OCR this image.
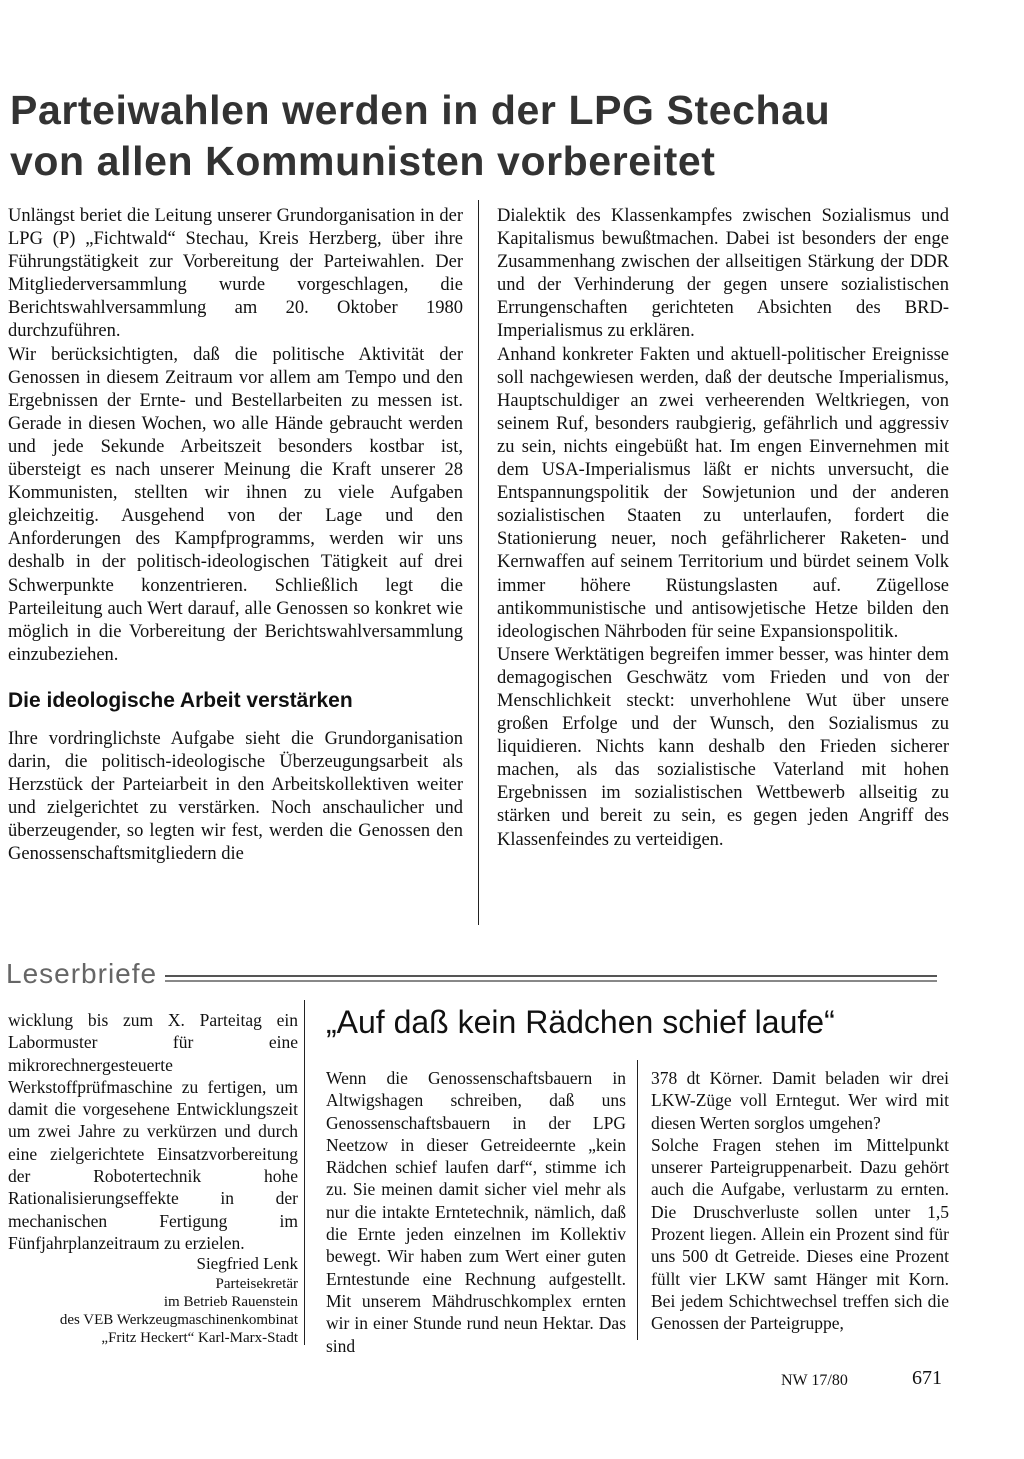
Parteiwahlen werden in der LPG Stechau
von allen Kommunisten vorbereitet

Unlängst beriet die Leitung unserer Grundorganisation in der LPG (P) „Fichtwald“ Stechau, Kreis Herzberg, über ihre Führungstätigkeit zur Vorbereitung der Parteiwahlen. Der Mitgliederversammlung wurde vorgeschlagen, die Berichtswahlversammlung am 20. Oktober 1980 durchzuführen.

Wir berücksichtigten, daß die politische Aktivität der Genossen in diesem Zeitraum vor allem am Tempo und den Ergebnissen der Ernte- und Bestellarbeiten zu messen ist. Gerade in diesen Wochen, wo alle Hände gebraucht werden und jede Sekunde Arbeitszeit besonders kostbar ist, übersteigt es nach unserer Meinung die Kraft unserer 28 Kommunisten, stellten wir ihnen zu viele Aufgaben gleichzeitig. Ausgehend von der Lage und den Anforderungen des Kampfprogramms, werden wir uns deshalb in der politisch-ideologischen Tätigkeit auf drei Schwerpunkte konzentrieren. Schließlich legt die Parteileitung auch Wert darauf, alle Genossen so konkret wie möglich in die Vorbereitung der Berichtswahlversammlung einzubeziehen.

Die ideologische Arbeit verstärken

Ihre vordringlichste Aufgabe sieht die Grundorganisation darin, die politisch-ideologische Überzeugungsarbeit als Herzstück der Parteiarbeit in den Arbeitskollektiven weiter und zielgerichtet zu verstärken. Noch anschaulicher und überzeugender, so legten wir fest, werden die Genossen den Genossenschaftsmitgliedern die

Dialektik des Klassenkampfes zwischen Sozialismus und Kapitalismus bewußtmachen. Dabei ist besonders der enge Zusammenhang zwischen der allseitigen Stärkung der DDR und der Verhinderung der gegen unsere sozialistischen Errungenschaften gerichteten Absichten des BRD-Imperialismus zu erklären.

Anhand konkreter Fakten und aktuell-politischer Ereignisse soll nachgewiesen werden, daß der deutsche Imperialismus, Hauptschuldiger an zwei verheerenden Weltkriegen, von seinem Ruf, besonders raubgierig, gefährlich und aggressiv zu sein, nichts eingebüßt hat. Im engen Einvernehmen mit dem USA-Imperialismus läßt er nichts unversucht, die Entspannungspolitik der Sowjetunion und der anderen sozialistischen Staaten zu unterlaufen, fordert die Stationierung neuer, noch gefährlicherer Raketen- und Kernwaffen auf seinem Territorium und bürdet seinem Volk immer höhere Rüstungslasten auf. Zügellose antikommunistische und antisowjetische Hetze bilden den ideologischen Nährboden für seine Expansionspolitik.

Unsere Werktätigen begreifen immer besser, was hinter dem demagogischen Geschwätz vom Frieden und von der Menschlichkeit steckt: unverhohlene Wut über unsere großen Erfolge und der Wunsch, den Sozialismus zu liquidieren. Nichts kann deshalb den Frieden sicherer machen, als das sozialistische Vaterland mit hohen Ergebnissen im sozialistischen Wettbewerb allseitig zu stärken und bereit zu sein, es gegen jeden Angriff des Klassenfeindes zu verteidigen.

Leserbriefe

wicklung bis zum X. Parteitag ein Labormuster für eine mikrorechnergesteuerte Werkstoffprüfmaschine zu fertigen, um damit die vorgesehene Entwicklungszeit um zwei Jahre zu verkürzen und durch eine zielgerichtete Einsatzvorbereitung der Robotertechnik hohe Rationalisierungseffekte in der mechanischen Fertigung im Fünfjahrplanzeitraum zu erzielen.

Siegfried Lenk
Parteisekretär
im Betrieb Rauenstein
des VEB Werkzeugmaschinenkombinat
„Fritz Heckert“ Karl-Marx-Stadt
„Auf daß kein Rädchen schief laufe“

Wenn die Genossenschaftsbauern in Altwigshagen schreiben, daß uns Genossenschaftsbauern in der LPG Neetzow in dieser Getreideernte „kein Rädchen schief laufen darf“, stimme ich zu. Sie meinen damit sicher viel mehr als nur die intakte Erntetechnik, nämlich, daß die Ernte jeden einzelnen im Kollektiv bewegt. Wir haben zum Wert einer guten Erntestunde eine Rechnung aufgestellt. Mit unserem Mähdruschkomplex ernten wir in einer Stunde rund neun Hektar. Das sind

378 dt Körner. Damit beladen wir drei LKW-Züge voll Erntegut. Wer wird mit diesen Werten sorglos umgehen?

Solche Fragen stehen im Mittelpunkt unserer Parteigruppenarbeit. Dazu gehört auch die Aufgabe, verlustarm zu ernten. Die Druschverluste sollen unter 1,5 Prozent liegen. Allein ein Prozent sind für uns 500 dt Getreide. Dieses eine Prozent füllt vier LKW samt Hänger mit Korn. Bei jedem Schichtwechsel treffen sich die Genossen der Parteigruppe,

NW 17/80	671
